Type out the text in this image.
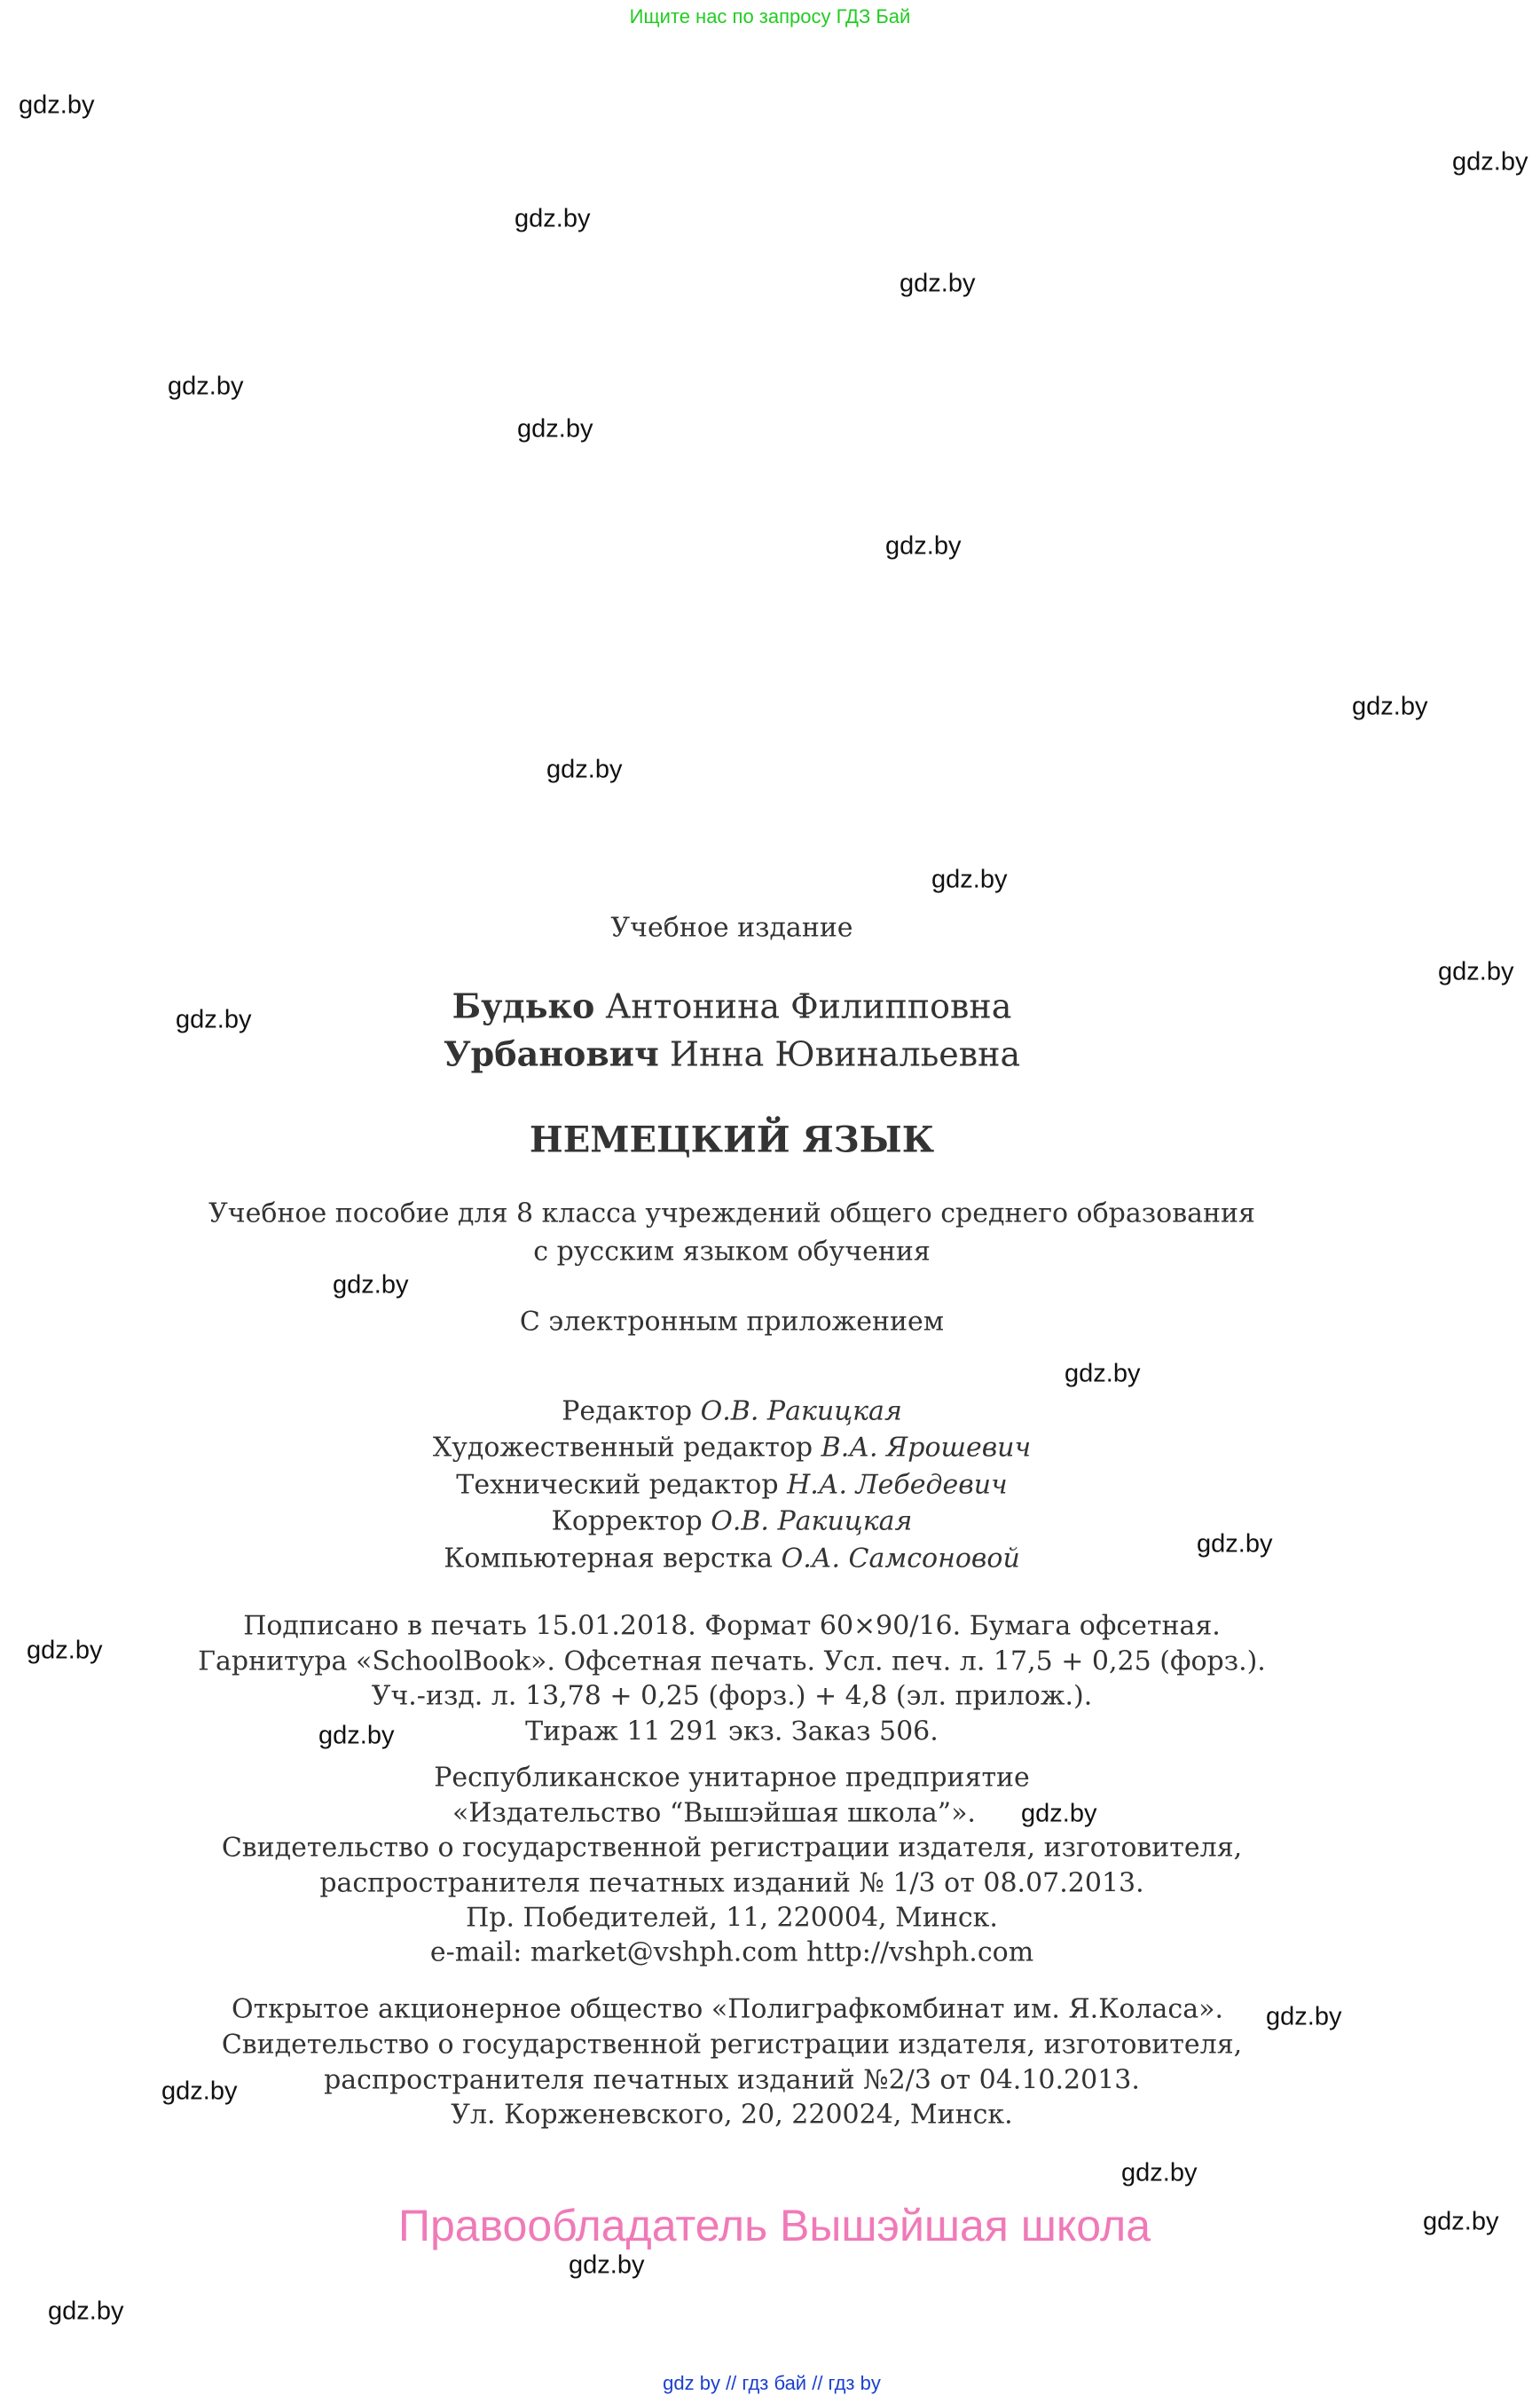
Ищите нас по запросу ГДЗ Бай
Учебное издание
Будько Антонина Филипповна
Урбанович Инна Ювинальевна
НЕМЕЦКИЙ ЯЗЫК
Учебное пособие для 8 класса учреждений общего среднего образования
с русским языком обучения
С электронным приложением
Редактор О.В. Ракицкая
Художественный редактор В.А. Ярошевич
Технический редактор Н.А. Лебедевич
Корректор О.В. Ракицкая
Компьютерная верстка О.А. Самсоновой
Подписано в печать 15.01.2018. Формат 60×90/16. Бумага офсетная.
Гарнитура «SchoolBook». Офсетная печать. Усл. печ. л. 17,5 + 0,25 (форз.).
Уч.-изд. л. 13,78 + 0,25 (форз.) + 4,8 (эл. прилож.).
Тираж 11 291 экз. Заказ 506.
Республиканское унитарное предприятие
«Издательство “Вышэйшая школа”».
Свидетельство о государственной регистрации издателя, изготовителя,
распространителя печатных изданий № 1/3 от 08.07.2013.
Пр. Победителей, 11, 220004, Минск.
e-mail: market@vshph.com http://vshph.com
Открытое акционерное общество «Полиграфкомбинат им. Я.Коласа».
Свидетельство о государственной регистрации издателя, изготовителя,
распространителя печатных изданий №2/3 от 04.10.2013.
Ул. Корженевского, 20, 220024, Минск.
Правообладатель Вышэйшая школа
gdz.by
gdz.by
gdz.by
gdz.by
gdz.by
gdz.by
gdz.by
gdz.by
gdz.by
gdz.by
gdz.by
gdz.by
gdz.by
gdz.by
gdz.by
gdz.by
gdz.by
gdz.by
gdz.by
gdz.by
gdz.by
gdz.by
gdz.by
gdz.by
gdz by // гдз бай // гдз by
